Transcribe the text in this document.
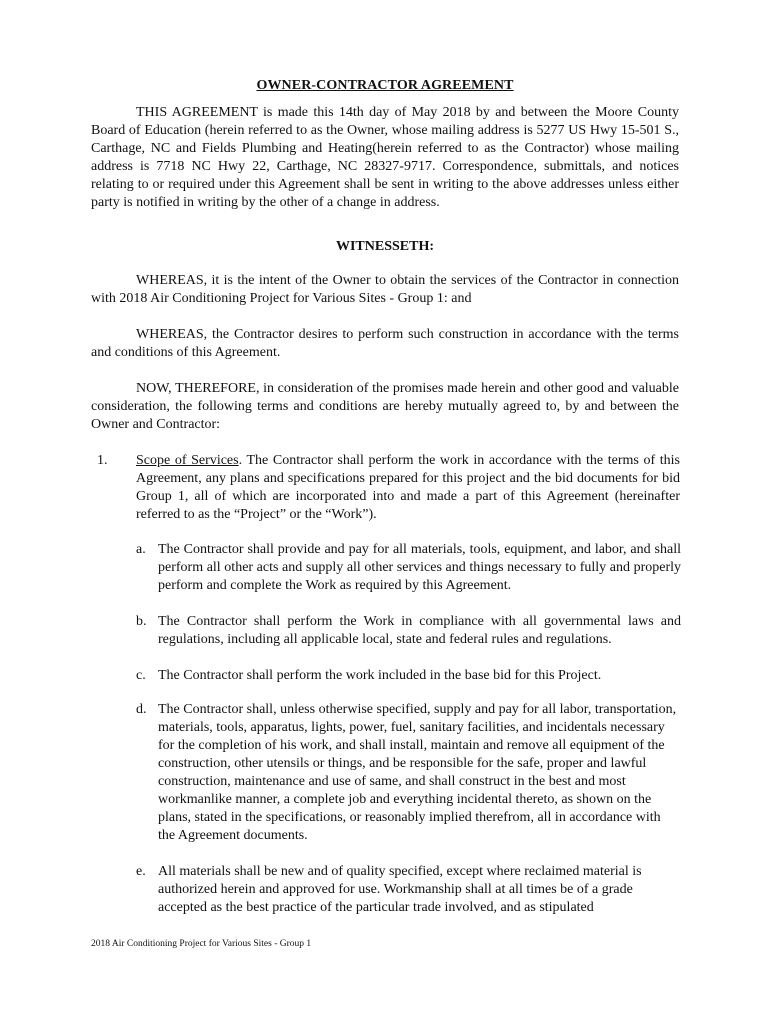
OWNER-CONTRACTOR AGREEMENT

THIS AGREEMENT is made this 14th day of May 2018 by and between the Moore County Board of Education (herein referred to as the Owner, whose mailing address is 5277 US Hwy 15-501 S., Carthage, NC and Fields Plumbing and Heating(herein referred to as the Contractor) whose mailing address is 7718 NC Hwy 22, Carthage, NC 28327-9717. Correspondence, submittals, and notices relating to or required under this Agreement shall be sent in writing to the above addresses unless either party is notified in writing by the other of a change in address.

WITNESSETH:

WHEREAS, it is the intent of the Owner to obtain the services of the Contractor in connection with 2018 Air Conditioning Project for Various Sites - Group 1: and

WHEREAS, the Contractor desires to perform such construction in accordance with the terms and conditions of this Agreement.

NOW, THEREFORE, in consideration of the promises made herein and other good and valuable consideration, the following terms and conditions are hereby mutually agreed to, by and between the Owner and Contractor:

1. Scope of Services. The Contractor shall perform the work in accordance with the terms of this Agreement, any plans and specifications prepared for this project and the bid documents for bid Group 1, all of which are incorporated into and made a part of this Agreement (hereinafter referred to as the “Project” or the “Work”).
a. The Contractor shall provide and pay for all materials, tools, equipment, and labor, and shall perform all other acts and supply all other services and things necessary to fully and properly perform and complete the Work as required by this Agreement.
b. The Contractor shall perform the Work in compliance with all governmental laws and regulations, including all applicable local, state and federal rules and regulations.
c. The Contractor shall perform the work included in the base bid for this Project.
d. The Contractor shall, unless otherwise specified, supply and pay for all labor, transportation, materials, tools, apparatus, lights, power, fuel, sanitary facilities, and incidentals necessary for the completion of his work, and shall install, maintain and remove all equipment of the construction, other utensils or things, and be responsible for the safe, proper and lawful construction, maintenance and use of same, and shall construct in the best and most workmanlike manner, a complete job and everything incidental thereto, as shown on the plans, stated in the specifications, or reasonably implied therefrom, all in accordance with the Agreement documents.
e. All materials shall be new and of quality specified, except where reclaimed material is authorized herein and approved for use. Workmanship shall at all times be of a grade accepted as the best practice of the particular trade involved, and as stipulated
2018 Air Conditioning Project for Various Sites - Group 1
